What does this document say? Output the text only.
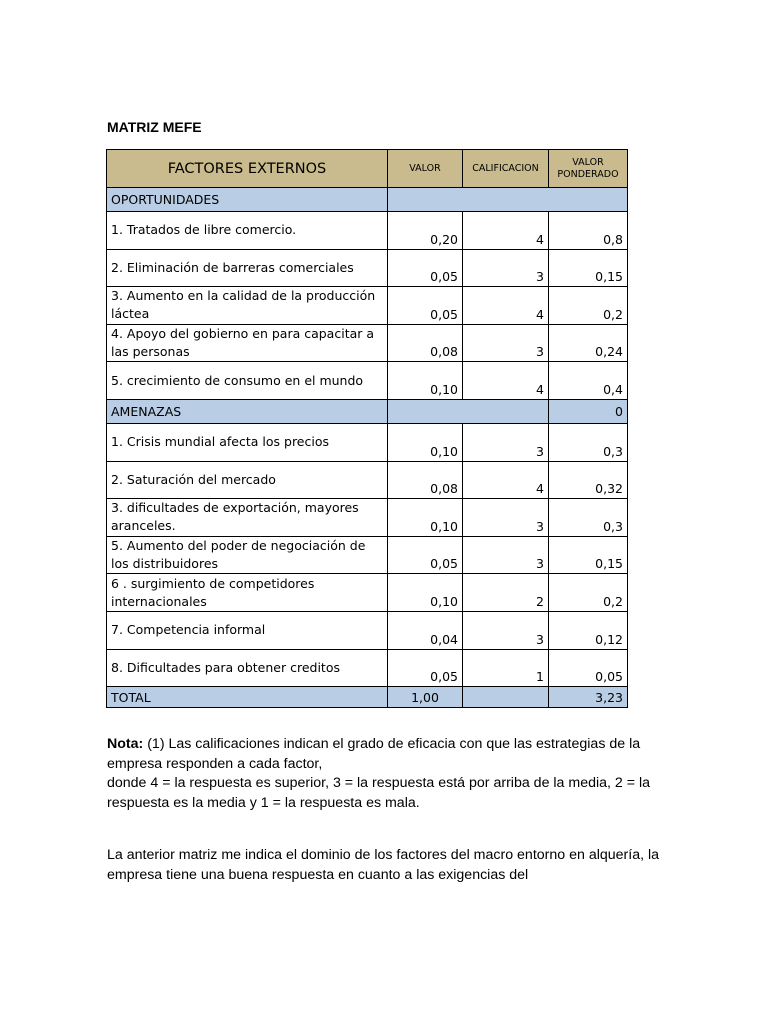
MATRIZ MEFE
FACTORES EXTERNOS	VALOR	CALIFICACION	VALOR PONDERADO
OPORTUNIDADES			
1. Tratados de libre comercio.	0,20	4	0,8
2. Eliminación de barreras comerciales	0,05	3	0,15
3. Aumento en la calidad de la producción láctea	0,05	4	0,2
4. Apoyo del gobierno en para capacitar a las personas	0,08	3	0,24
5. crecimiento de consumo en el mundo	0,10	4	0,4
AMENAZAS			0
1. Crisis mundial afecta los precios	0,10	3	0,3
2. Saturación del mercado	0,08	4	0,32
3. dificultades de exportación, mayores aranceles.	0,10	3	0,3
5. Aumento del poder de negociación de los distribuidores	0,05	3	0,15
6 . surgimiento de competidores internacionales	0,10	2	0,2
7. Competencia informal	0,04	3	0,12
8. Dificultades para obtener creditos	0,05	1	0,05
TOTAL	1,00		3,23
Nota: (1) Las calificaciones indican el grado de eficacia con que las estrategias de la empresa responden a cada factor,
donde 4 = la respuesta es superior, 3 = la respuesta está por arriba de la media, 2 = la respuesta es la media y 1 = la respuesta es mala.
La anterior matriz me indica el dominio de los factores del macro entorno en alquería, la empresa tiene una buena respuesta en cuanto a las exigencias del
